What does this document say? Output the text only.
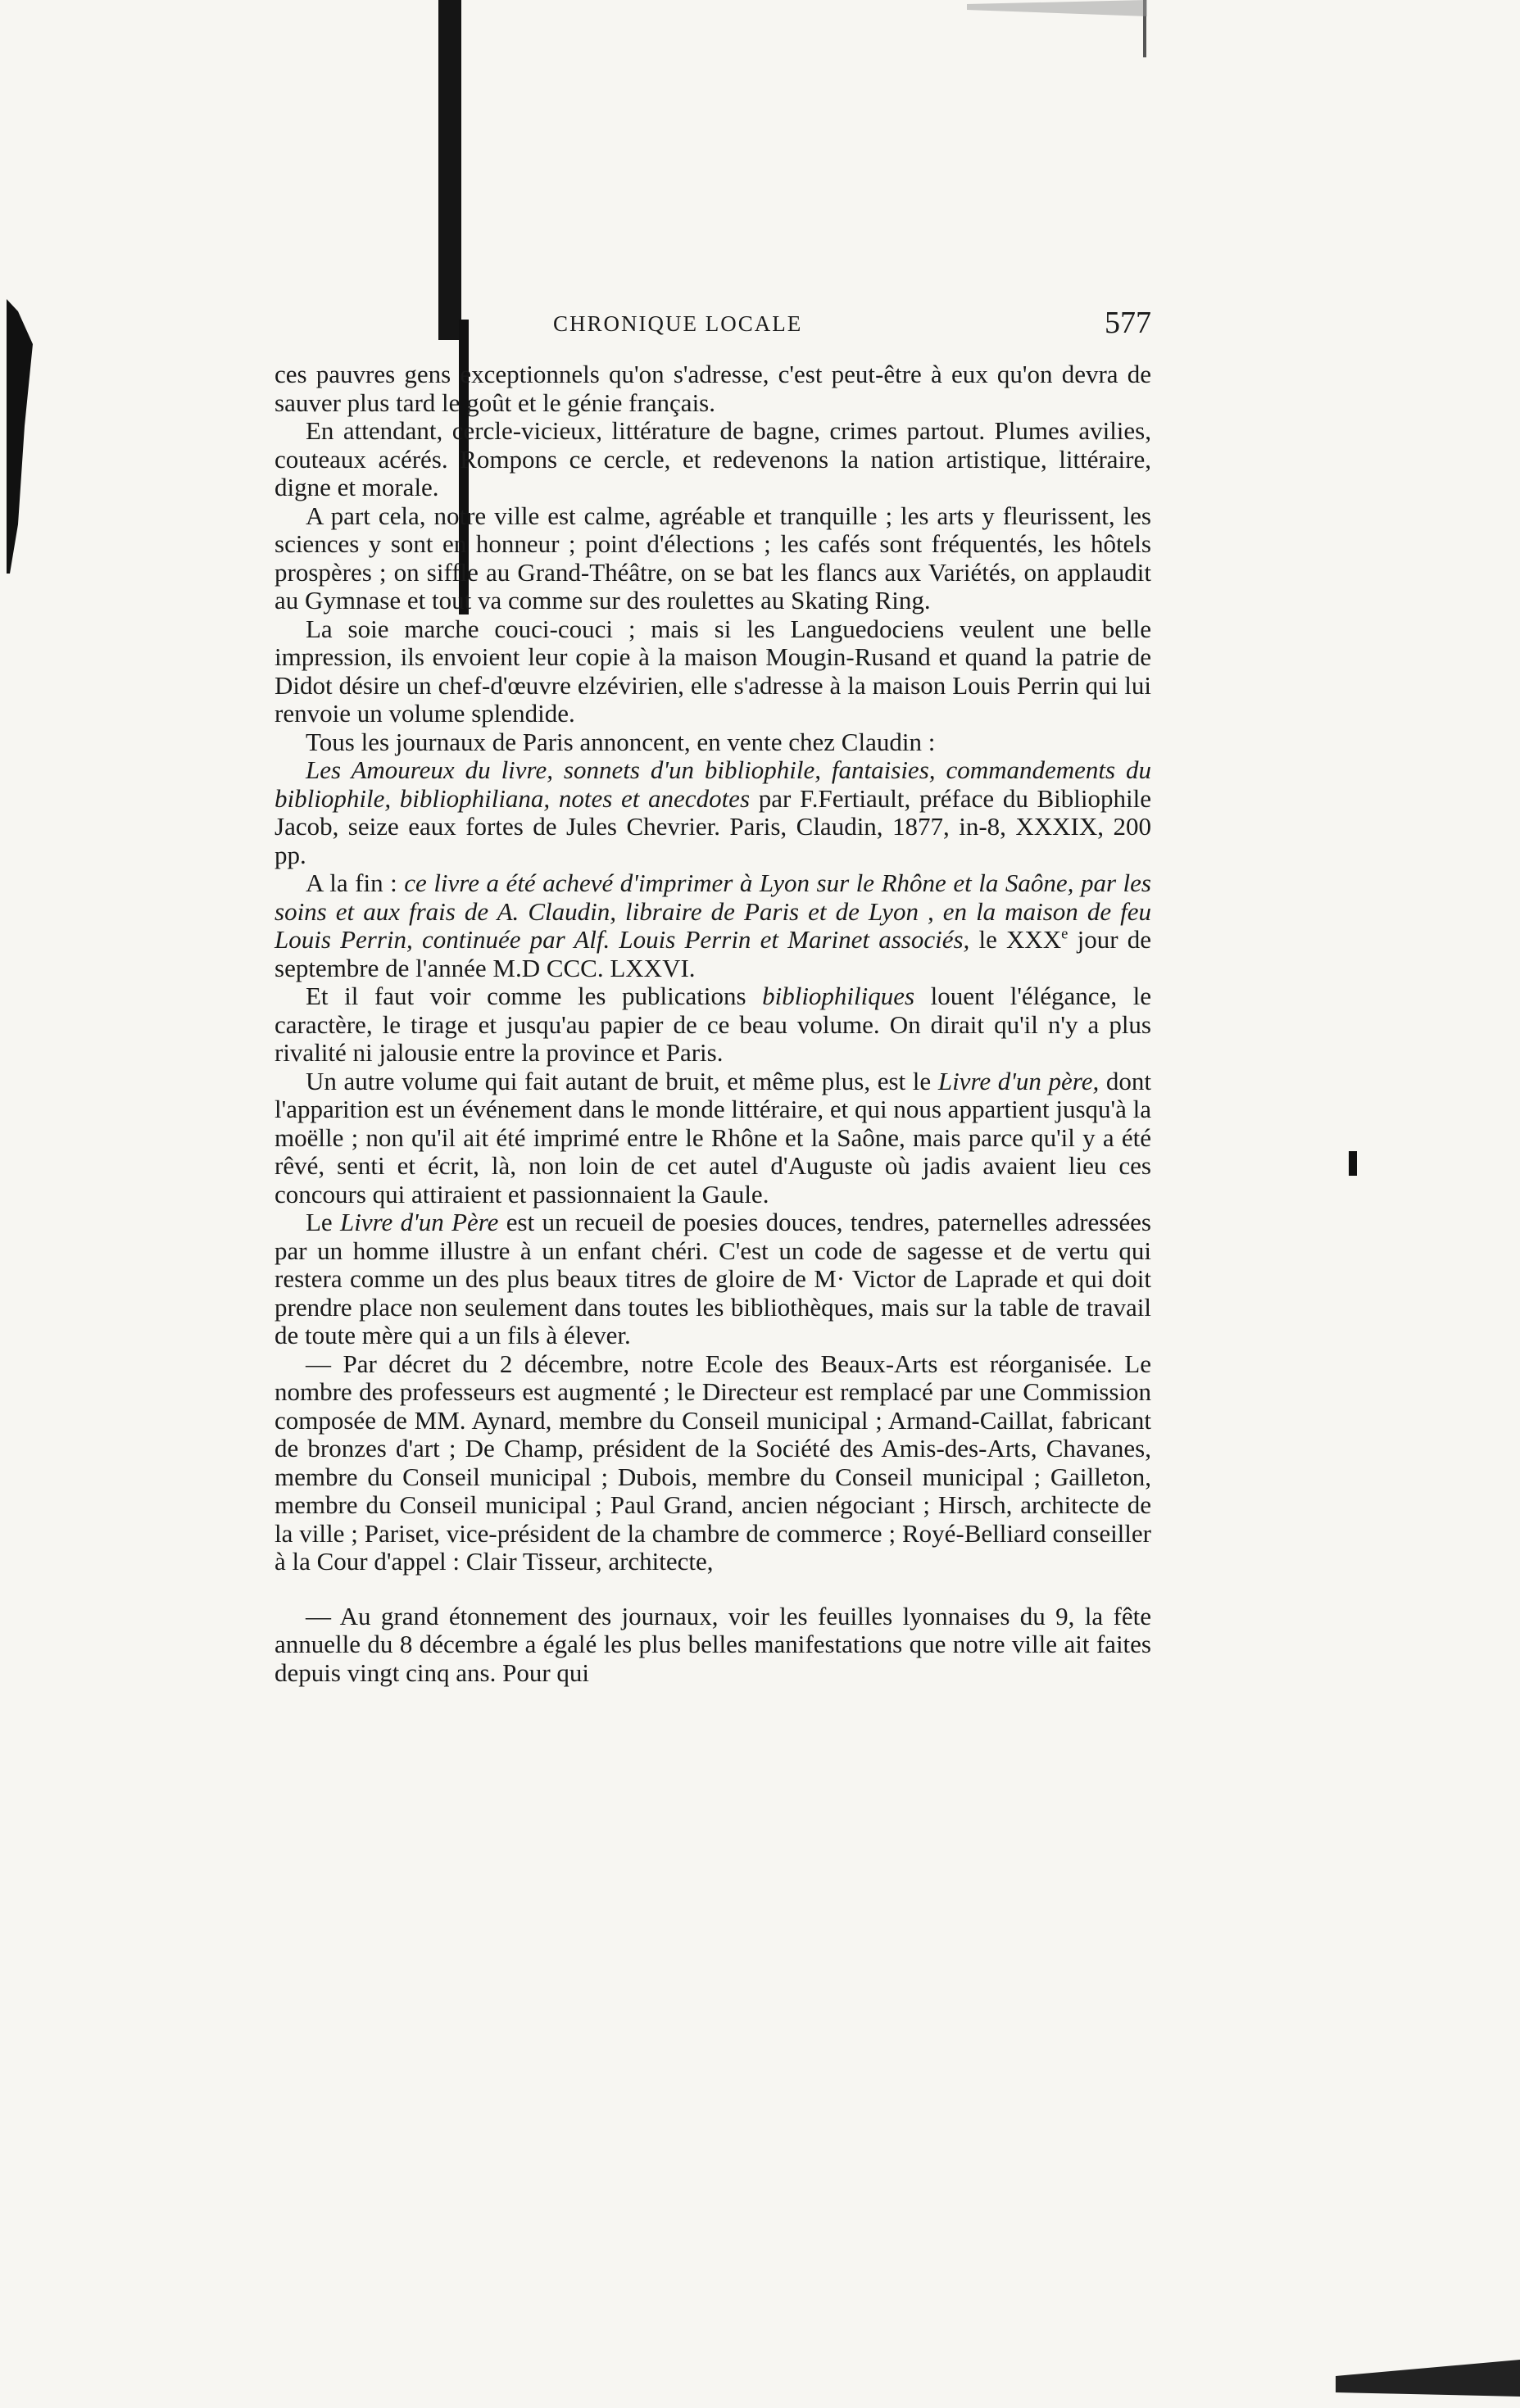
CHRONIQUE LOCALE	577

ces pauvres gens exceptionnels qu'on s'adresse, c'est peut-être à eux qu'on devra de sauver plus tard le goût et le génie français.

En attendant, cercle-vicieux, littérature de bagne, crimes partout. Plumes avilies, couteaux acérés. Rompons ce cercle, et redevenons la nation artistique, littéraire, digne et morale.

A part cela, notre ville est calme, agréable et tranquille ; les arts y fleurissent, les sciences y sont en honneur ; point d'élections ; les cafés sont fréquentés, les hôtels prospères ; on siffle au Grand-Théâtre, on se bat les flancs aux Variétés, on applaudit au Gymnase et tout va comme sur des roulettes au Skating Ring.

La soie marche couci-couci ; mais si les Languedociens veulent une belle impression, ils envoient leur copie à la maison Mougin-Rusand et quand la patrie de Didot désire un chef-d'œuvre elzévirien, elle s'adresse à la maison Louis Perrin qui lui renvoie un volume splendide.

Tous les journaux de Paris annoncent, en vente chez Claudin :

Les Amoureux du livre, sonnets d'un bibliophile, fantaisies, commandements du bibliophile, bibliophiliana, notes et anecdotes par F.Fertiault, préface du Bibliophile Jacob, seize eaux fortes de Jules Chevrier. Paris, Claudin, 1877, in-8, XXXIX, 200 pp.

A la fin : ce livre a été achevé d'imprimer à Lyon sur le Rhône et la Saône, par les soins et aux frais de A. Claudin, libraire de Paris et de Lyon , en la maison de feu Louis Perrin, continuée par Alf. Louis Perrin et Marinet associés, le XXXe jour de septembre de l'année M.D CCC. LXXVI.

Et il faut voir comme les publications bibliophiliques louent l'élégance, le caractère, le tirage et jusqu'au papier de ce beau volume. On dirait qu'il n'y a plus rivalité ni jalousie entre la province et Paris.

Un autre volume qui fait autant de bruit, et même plus, est le Livre d'un père, dont l'apparition est un événement dans le monde littéraire, et qui nous appartient jusqu'à la moëlle ; non qu'il ait été imprimé entre le Rhône et la Saône, mais parce qu'il y a été rêvé, senti et écrit, là, non loin de cet autel d'Auguste où jadis avaient lieu ces concours qui attiraient et passionnaient la Gaule.

Le Livre d'un Père est un recueil de poesies douces, tendres, paternelles adressées par un homme illustre à un enfant chéri. C'est un code de sagesse et de vertu qui restera comme un des plus beaux titres de gloire de M· Victor de Laprade et qui doit prendre place non seulement dans toutes les bibliothèques, mais sur la table de travail de toute mère qui a un fils à élever.

— Par décret du 2 décembre, notre Ecole des Beaux-Arts est réorganisée. Le nombre des professeurs est augmenté ; le Directeur est remplacé par une Commission composée de MM. Aynard, membre du Conseil municipal ; Armand-Caillat, fabricant de bronzes d'art ; De Champ, président de la Société des Amis-des-Arts, Chavanes, membre du Conseil municipal ; Dubois, membre du Conseil municipal ; Gailleton, membre du Conseil municipal ; Paul Grand, ancien négociant ; Hirsch, architecte de la ville ; Pariset, vice-président de la chambre de commerce ; Royé-Belliard conseiller à la Cour d'appel : Clair Tisseur, architecte,

— Au grand étonnement des journaux, voir les feuilles lyonnaises du 9, la fête annuelle du 8 décembre a égalé les plus belles manifestations que notre ville ait faites depuis vingt cinq ans. Pour qui
